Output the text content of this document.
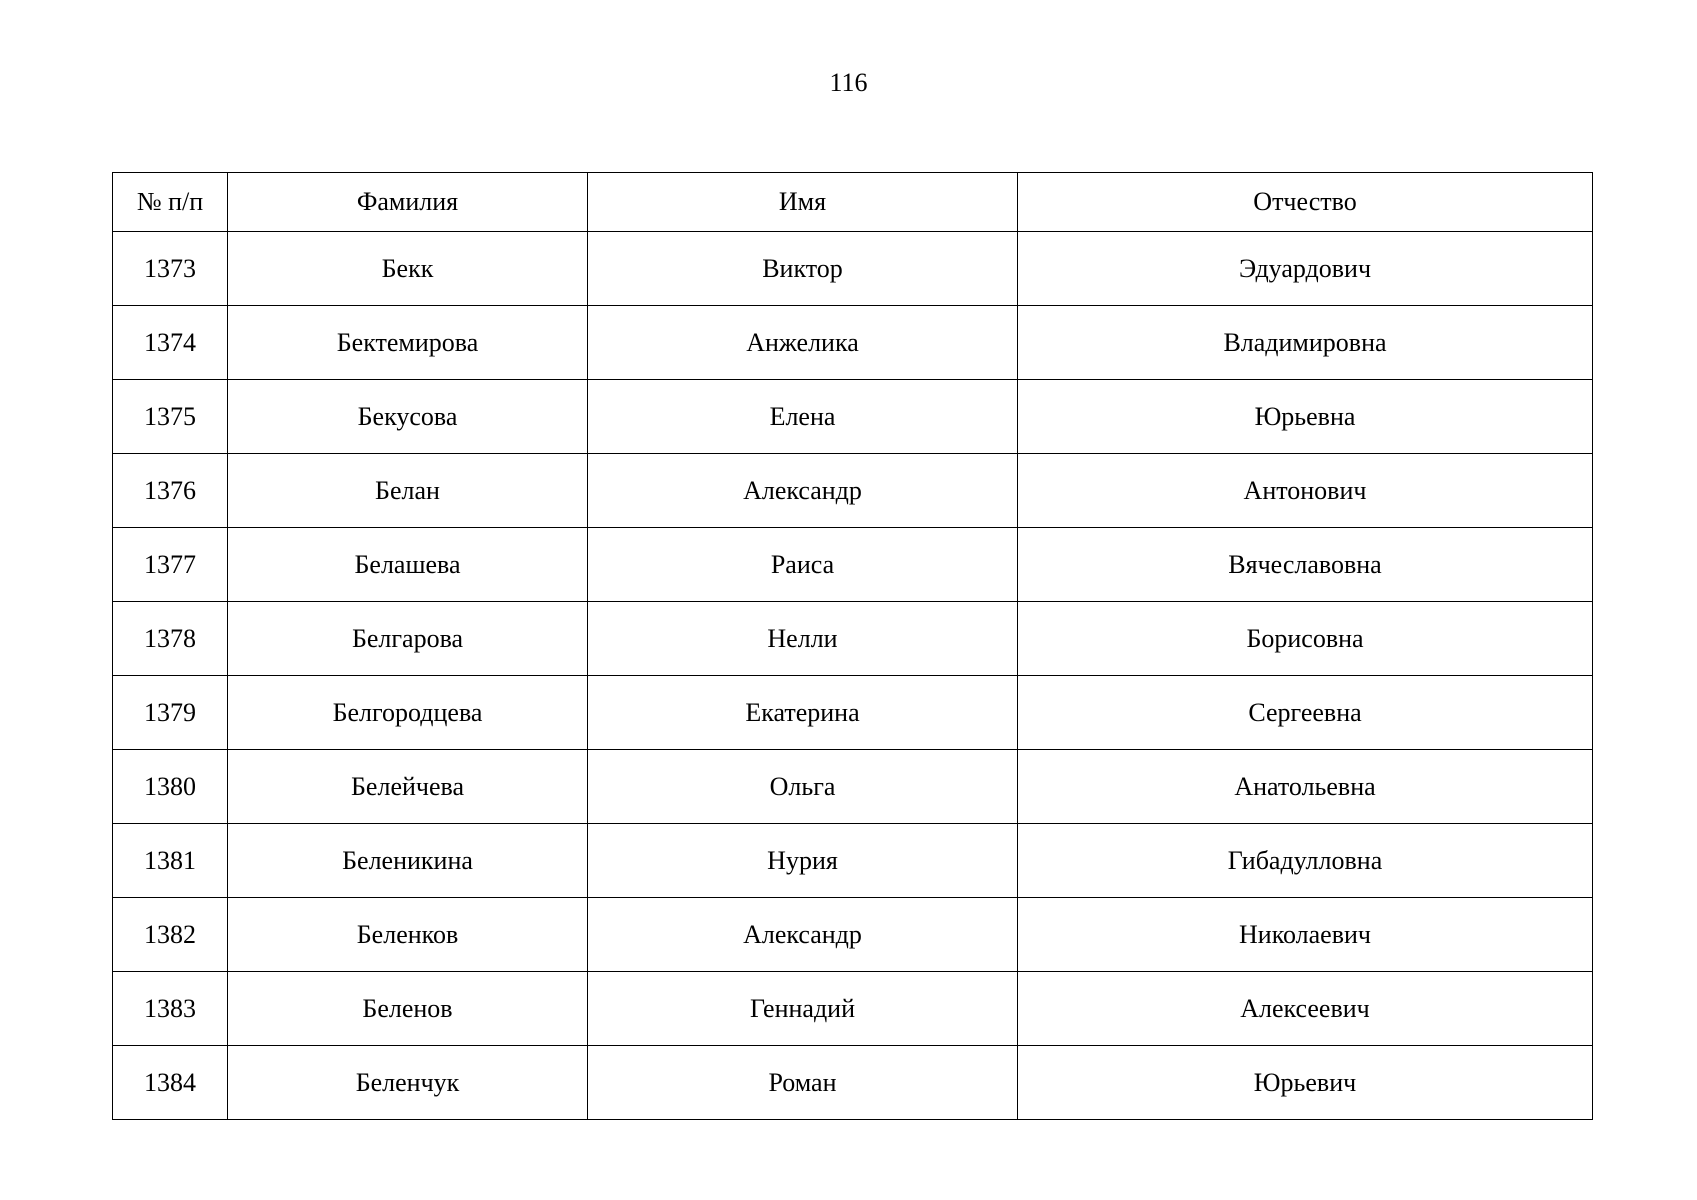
116
№ п/п	Фамилия	Имя	Отчество
1373	Бекк	Виктор	Эдуардович
1374	Бектемирова	Анжелика	Владимировна
1375	Бекусова	Елена	Юрьевна
1376	Белан	Александр	Антонович
1377	Белашева	Раиса	Вячеславовна
1378	Белгарова	Нелли	Борисовна
1379	Белгородцева	Екатерина	Сергеевна
1380	Белейчева	Ольга	Анатольевна
1381	Беленикина	Нурия	Гибадулловна
1382	Беленков	Александр	Николаевич
1383	Беленов	Геннадий	Алексеевич
1384	Беленчук	Роман	Юрьевич
